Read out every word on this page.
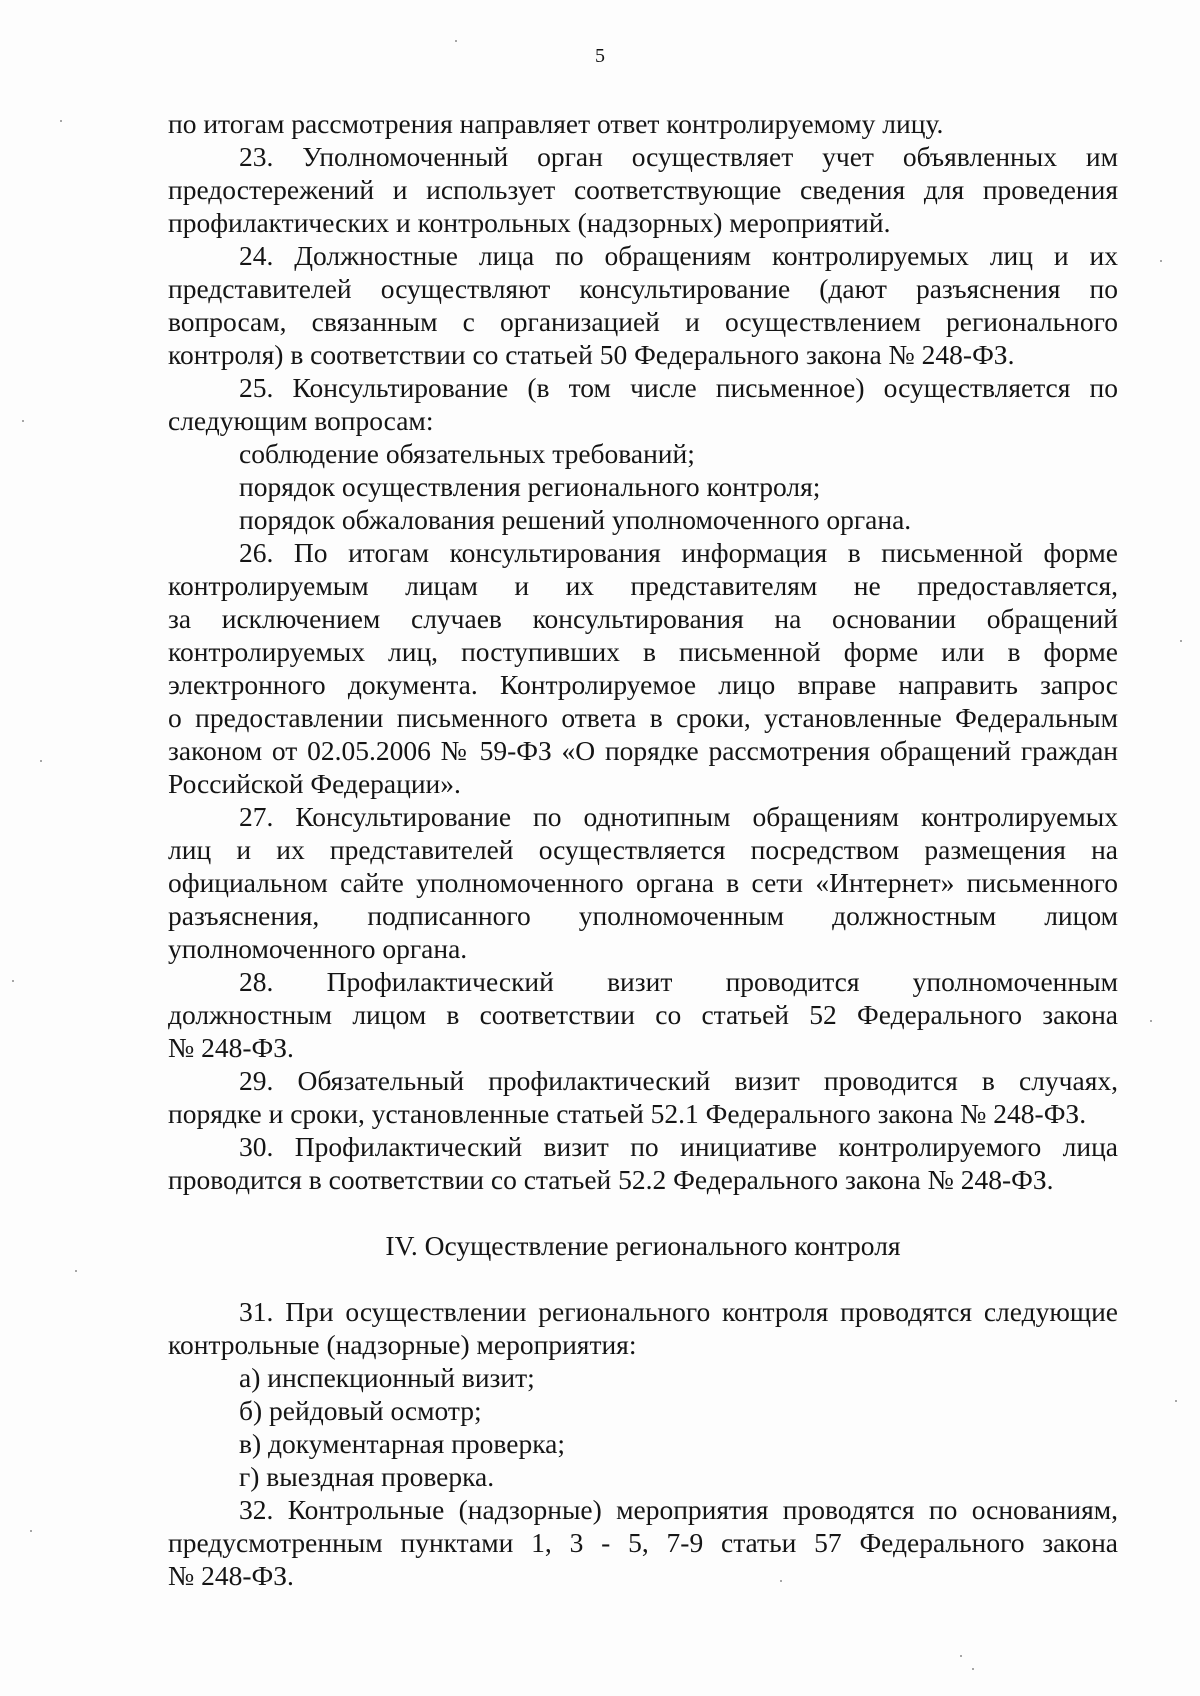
5

по итогам рассмотрения направляет ответ контролируемому лицу.

23. Уполномоченный орган осуществляет учет объявленных им

предостережений и использует соответствующие сведения для проведения

профилактических и контрольных (надзорных) мероприятий.

24. Должностные лица по обращениям контролируемых лиц и их

представителей осуществляют консультирование (дают разъяснения по

вопросам, связанным с организацией и осуществлением регионального

контроля) в соответствии со статьей 50 Федерального закона № 248-ФЗ.

25. Консультирование (в том числе письменное) осуществляется по

следующим вопросам:

соблюдение обязательных требований;

порядок осуществления регионального контроля;

порядок обжалования решений уполномоченного органа.

26. По итогам консультирования информация в письменной форме

контролируемым лицам и их представителям не предоставляется,

за исключением случаев консультирования на основании обращений

контролируемых лиц, поступивших в письменной форме или в форме

электронного документа. Контролируемое лицо вправе направить запрос

о предоставлении письменного ответа в сроки, установленные Федеральным

законом от 02.05.2006 № 59-ФЗ «О порядке рассмотрения обращений граждан

Российской Федерации».

27. Консультирование по однотипным обращениям контролируемых

лиц и их представителей осуществляется посредством размещения на

официальном сайте уполномоченного органа в сети «Интернет» письменного

разъяснения, подписанного уполномоченным должностным лицом

уполномоченного органа.

28. Профилактический визит проводится уполномоченным

должностным лицом в соответствии со статьей 52 Федерального закона

№ 248-ФЗ.

29. Обязательный профилактический визит проводится в случаях,

порядке и сроки, установленные статьей 52.1 Федерального закона № 248-ФЗ.

30. Профилактический визит по инициативе контролируемого лица

проводится в соответствии со статьей 52.2 Федерального закона № 248-ФЗ.

IV. Осуществление регионального контроля

31. При осуществлении регионального контроля проводятся следующие

контрольные (надзорные) мероприятия:

а) инспекционный визит;

б) рейдовый осмотр;

в) документарная проверка;

г) выездная проверка.

32. Контрольные (надзорные) мероприятия проводятся по основаниям,

предусмотренным пунктами 1, 3 - 5, 7-9 статьи 57 Федерального закона

№ 248-ФЗ.
